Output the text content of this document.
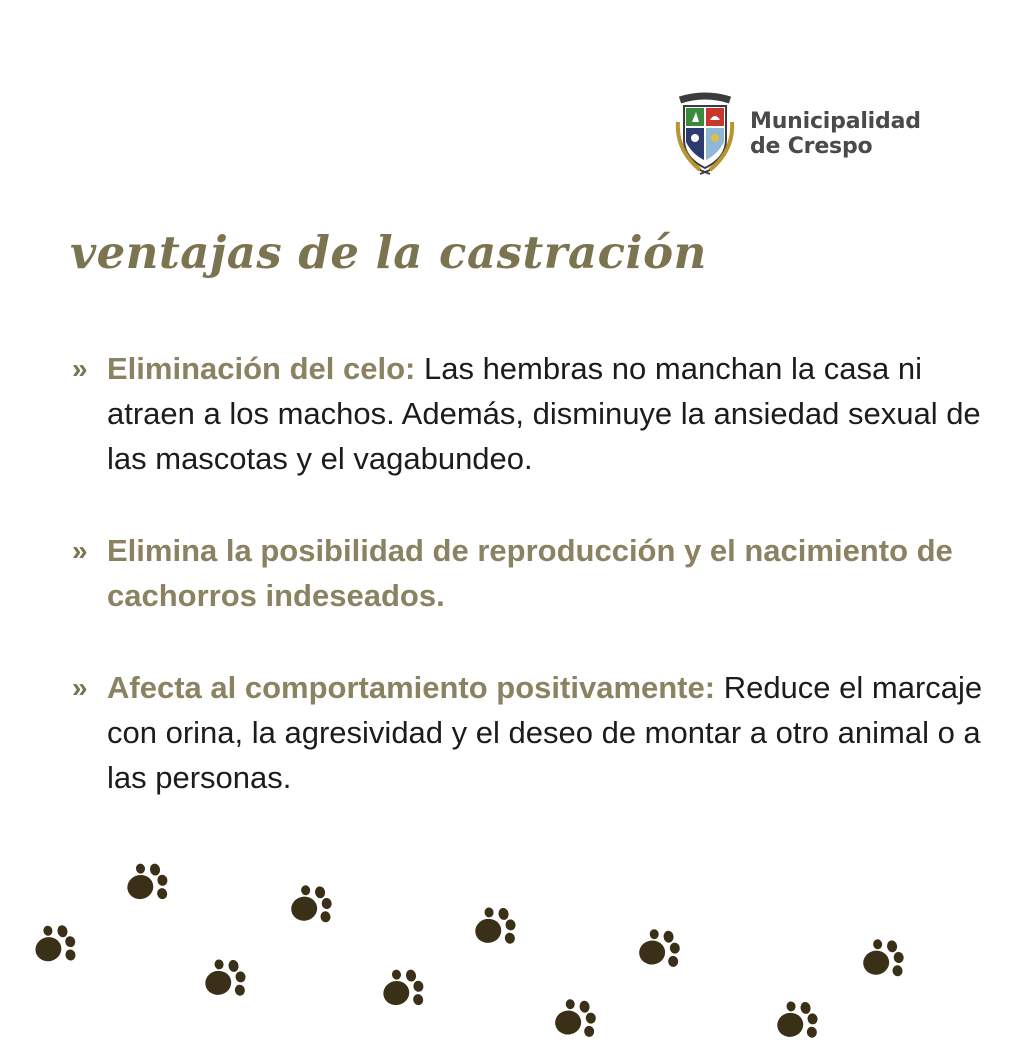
Municipalidad
de Crespo
ventajas de la castración
» Eliminación del celo: Las hembras no manchan la casa ni atraen a los machos. Además, disminuye la ansiedad sexual de las mascotas y el vagabundeo.
» Elimina la posibilidad de reproducción y el nacimiento de cachorros indeseados.
» Afecta al comportamiento positivamente: Reduce el marcaje con orina, la agresividad y el deseo de montar a otro animal o a las personas.
